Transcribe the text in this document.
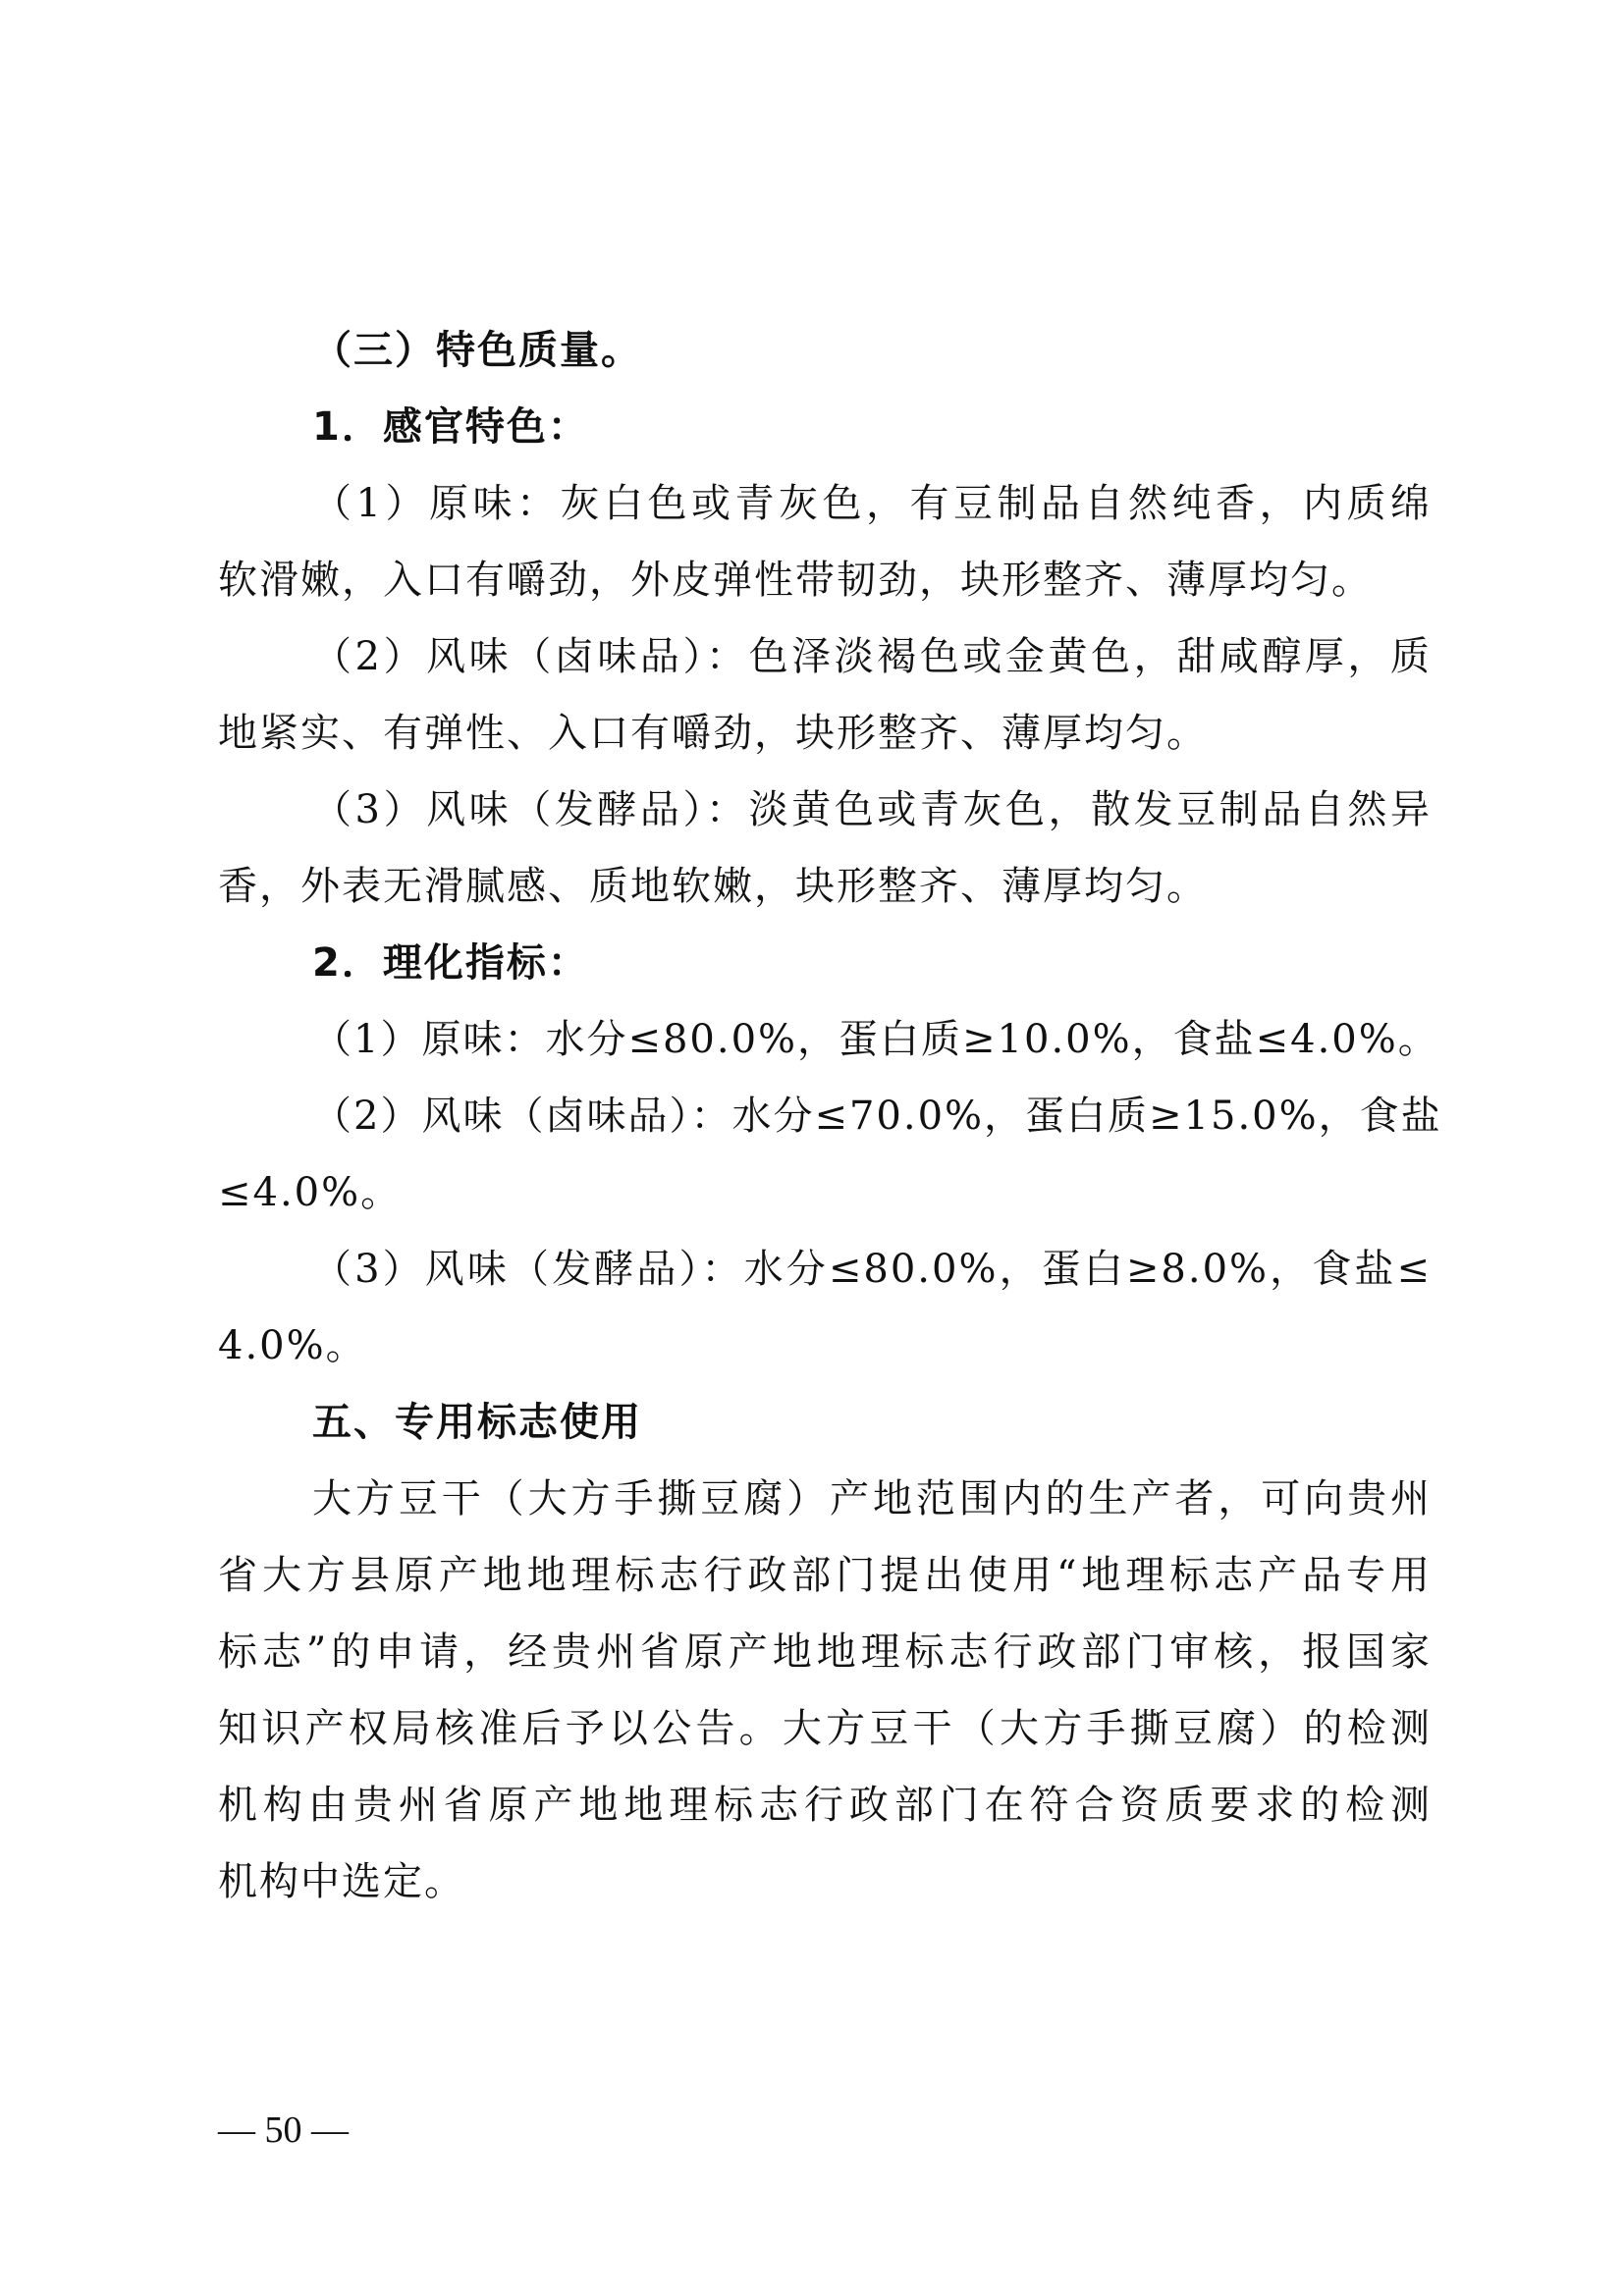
（三）特色质量。
1．感官特色：
（1）原味：灰白色或青灰色，有豆制品自然纯香，内质绵
软滑嫩，入口有嚼劲，外皮弹性带韧劲，块形整齐、薄厚均匀。
（2）风味（卤味品）：色泽淡褐色或金黄色，甜咸醇厚，质
地紧实、有弹性、入口有嚼劲，块形整齐、薄厚均匀。
（3）风味（发酵品）：淡黄色或青灰色，散发豆制品自然异
香，外表无滑腻感、质地软嫩，块形整齐、薄厚均匀。
2．理化指标：
（1）原味：水分≤80.0%，蛋白质≥10.0%，食盐≤4.0%。
（2）风味（卤味品）：水分≤70.0%，蛋白质≥15.0%，食盐
≤4.0%。
（3）风味（发酵品）：水分≤80.0%，蛋白≥8.0%，食盐≤
4.0%。
五、专用标志使用
大方豆干（大方手撕豆腐）产地范围内的生产者，可向贵州
省大方县原产地地理标志行政部门提出使用“地理标志产品专用
标志”的申请，经贵州省原产地地理标志行政部门审核，报国家
知识产权局核准后予以公告。大方豆干（大方手撕豆腐）的检测
机构由贵州省原产地地理标志行政部门在符合资质要求的检测
机构中选定。
— 50 —
